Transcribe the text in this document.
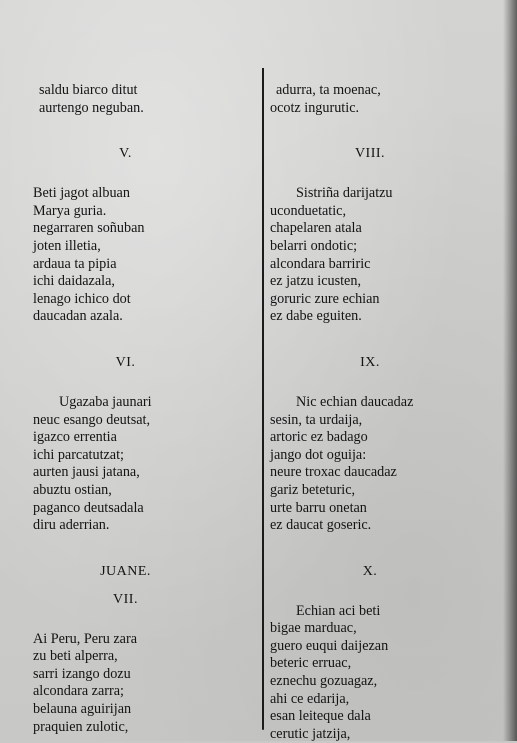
saldu biarco ditut
aurtengo neguban.
V.
Beti jagot albuan
Marya guria.
negarraren soñuban
joten illetia,
ardaua ta pipia
ichi daidazala,
lenago ichico dot
daucadan azala.
VI.
Ugazaba jaunari
neuc esango deutsat,
igazco errentia
ichi parcatutzat;
aurten jausi jatana,
abuztu ostian,
paganco deutsadala
diru aderrian.
JUANE.
VII.
Ai Peru, Peru zara
zu beti alperra,
sarri izango dozu
alcondara zarra;
belauna aguirijan
praquien zulotic,
adurra, ta moenac,
ocotz ingurutic.
VIII.
Sistriña darijatzu
uconduetatic,
chapelaren atala
belarri ondotic;
alcondara barriric
ez jatzu icusten,
goruric zure echian
ez dabe eguiten.
IX.
Nic echian daucadaz
sesin, ta urdaija,
artoric ez badago
jango dot oguija:
neure troxac daucadaz
gariz beteturic,
urte barru onetan
ez daucat goseric.
X.
Echian aci beti
bigae marduac,
guero euqui daijezan
beteric erruac,
eznechu gozuagaz,
ahi ce edarija,
esan leiteque dala
cerutic jatzija,
